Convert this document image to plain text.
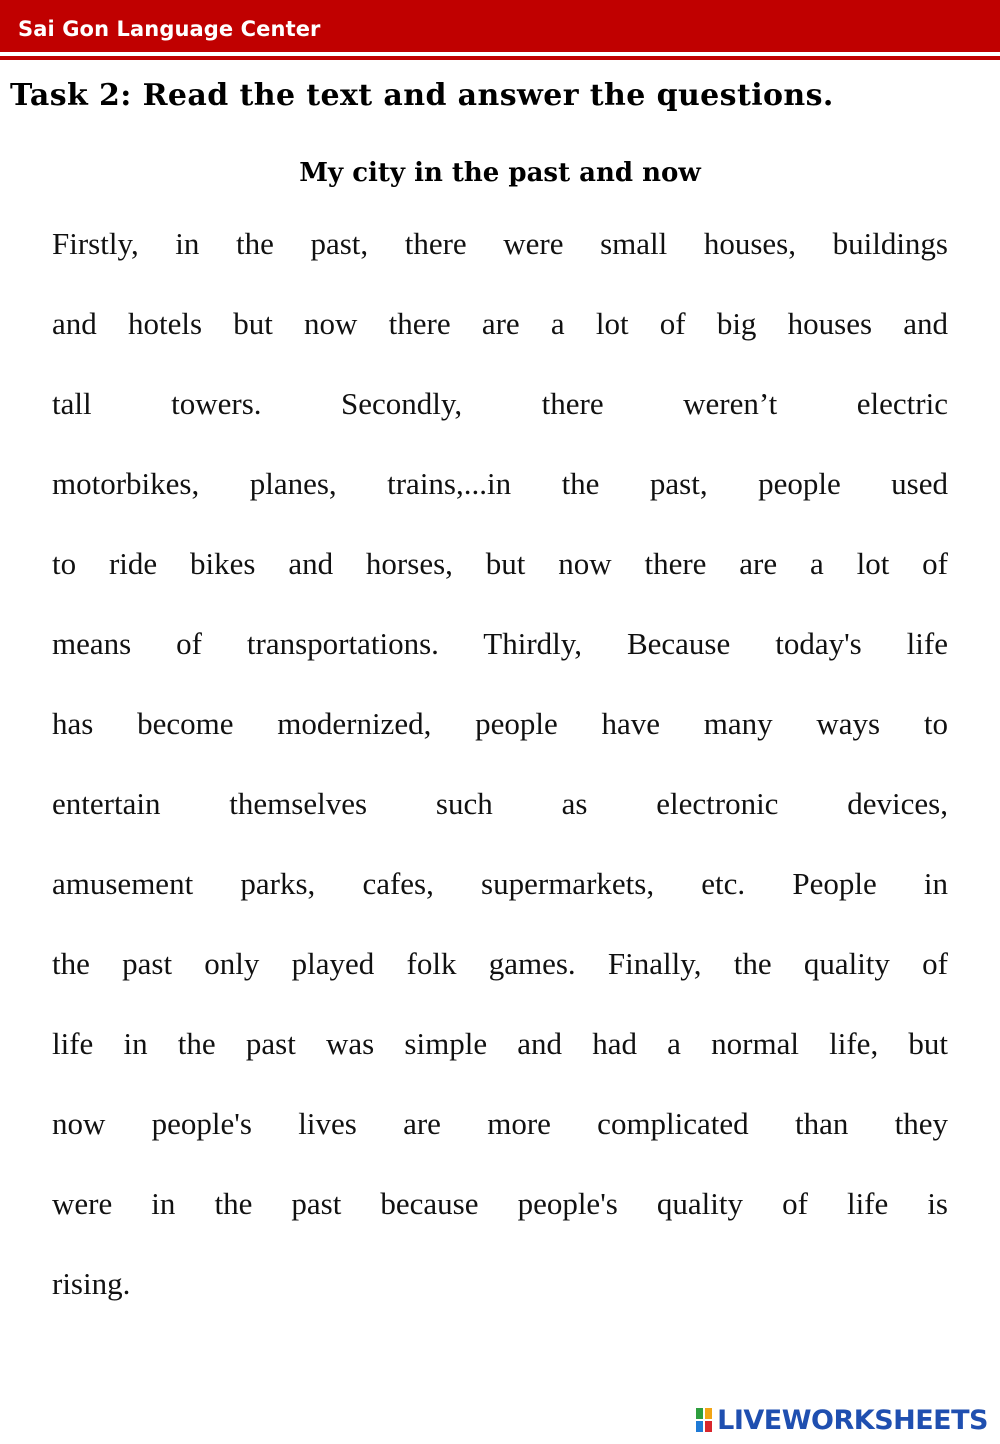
Sai Gon Language Center
Task 2: Read the text and answer the questions.
My city in the past and now
Firstly, in the past, there were small houses, buildings
and hotels but now there are a lot of big houses and
tall towers. Secondly, there weren’t electric
motorbikes, planes, trains,...in the past, people used
to ride bikes and horses, but now there are a lot of
means of transportations. Thirdly, Because today's life
has become modernized, people have many ways to
entertain themselves such as electronic devices,
amusement parks, cafes, supermarkets, etc. People in
the past only played folk games. Finally, the quality of
life in the past was simple and had a normal life, but
now people's lives are more complicated than they
were in the past because people's quality of life is
rising.
LIVEWORKSHEETS
